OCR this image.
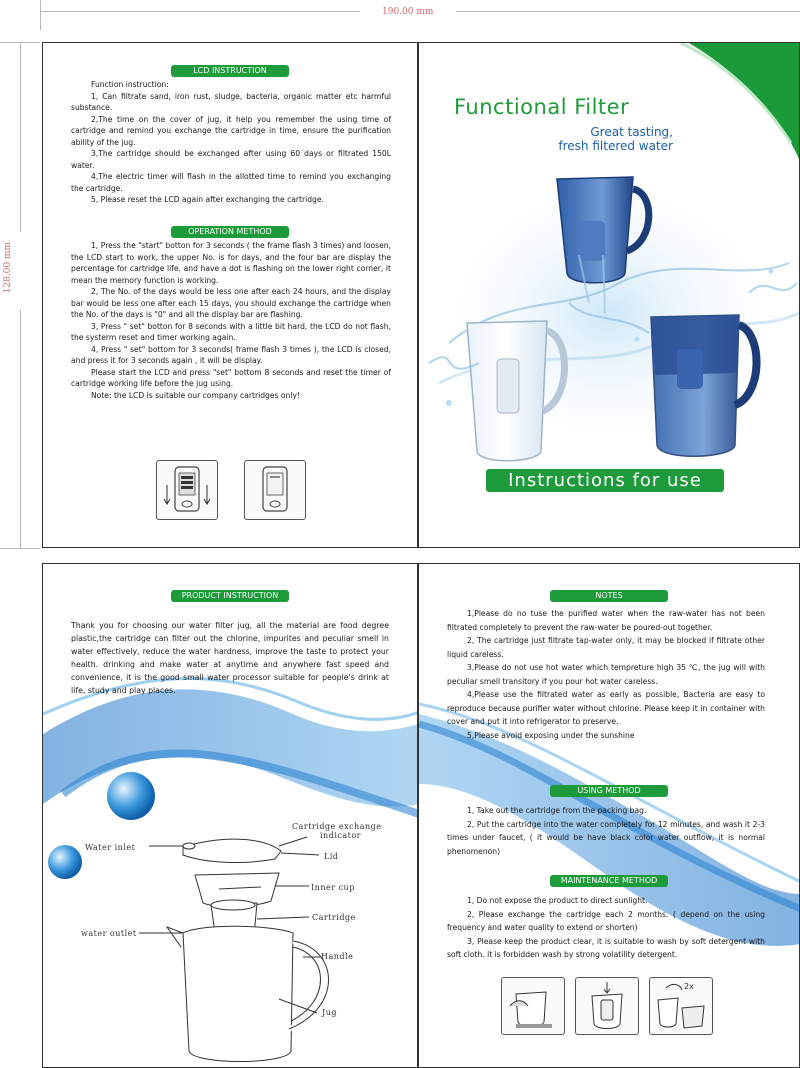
190.00 mm
128.00 mm
LCD INSTRUCTION

Function instruction:

1, Can filtrate sand, iron rust, sludge, bacteria, organic matter etc harmful substance.

2,The time on the cover of jug, it help you remember the using time of cartridge and remind you exchange the cartridge in time, ensure the purification ability of the jug.

3,The cartridge should be exchanged after using 60 days or filtrated 150L water.

4,The electric timer will flash in the allotted time to remind you exchanging the cartridge.

5, Please reset the LCD again after exchanging the cartridge.

OPERATION METHOD

1, Press the "start" botton for 3 seconds ( the frame flash 3 times) and loosen, the LCD start to work, the upper No. is for days, and the four bar are display the percentage for cartridge life. and have a dot is flashing on the lower right corner, it mean the memory function is working.

2, The No. of the days would be less one after each 24 hours, and the display bar would be less one after each 15 days, you should exchange the cartridge when the No. of the days is "0" and all the display bar are flashing.

3, Press " set" botton for 8 seconds with a little bit hard, the LCD do not flash, the systerm reset and timer working again.

4, Press " set" bottom for 3 seconds( frame flash 3 times ), the LCD is closed, and press it for 3 seconds again , it will be display.

Please start the LCD and press "set" bottom 8 seconds and reset the timer of cartridge working life before the jug using.

Note: the LCD is suitable our company cartridges only!

Functional Filter
Great tasting,
fresh filtered water
Instructions for use
PRODUCT INSTRUCTION

Thank you for choosing our water filter jug, all the material are food degree plastic,the cartridge can filter out the chlorine, impurites and peculiar smell in water effectively, reduce the water hardness, improve the taste to protect your health. drinking and make water at anytime and anywhere fast speed and convenience, it is the good small water processor suitable for people's drink at life, study and play places.

Cartridge exchange
indicator
Water inlet
Lid
Inner cup
Cartridge
water outlet
Handle
Jug
NOTES

1,Please do no tuse the purified water when the raw-water has not been filtrated completely to prevent the raw-water be poured-out together.

2, The cartridge just filtrate tap-water only, it may be blocked if filtrate other liquid careless.

3,Please do not use hot water which tempreture high 35 ℃, the jug will with peculiar smell transitory if you pour hot water careless.

4,Please use the filtrated water as early as possible, Bacteria are easy to reproduce because purifier water without chlorine. Please keep it in container with cover and put it into refrigerator to preserve.

5,Please avoid exposing under the sunshine

USING METHOD

1, Take out the cartridge from the packing bag.

2, Put the cartridge into the water completely for 12 minutes, and wash it 2-3 times under faucet, ( it would be have black color water outflow, it is normal phenomenon)

MAINTENANCE METHOD

1, Do not expose the product to direct sunlight.

2, Please exchange the cartridge each 2 months. ( depend on the using frequency and water quality to extend or shorten)

3, Please keep the product clear, it is suitable to wash by soft detergent with soft cloth. it is forbidden wash by strong volatility detergent.

2x
